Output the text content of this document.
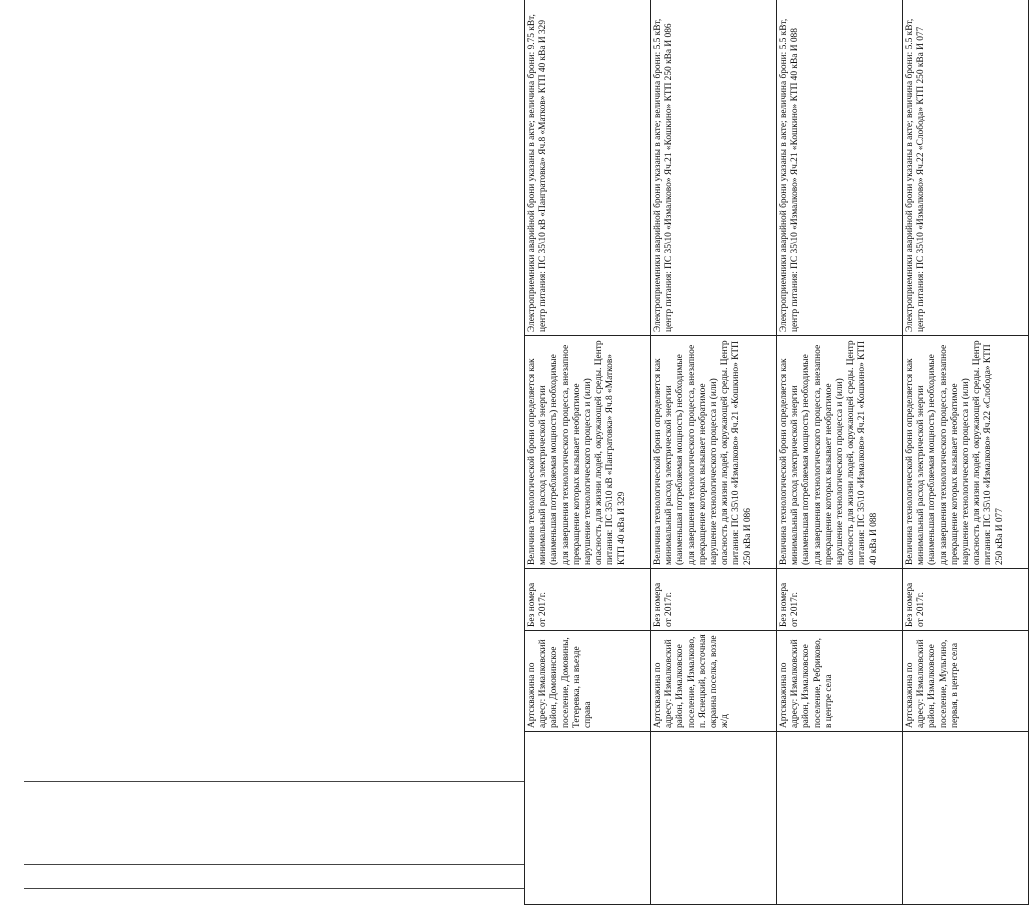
	Артскважина по адресу: Измалковский район, Домовинское поселение, Домовины, Тетеревка, на въезде справа	Без номера от 2017г.	Величина технологической брони определяется как минимальный расход электрической энергии (наименьшая потребляемая мощность) необходимые для завершения технологического процесса, внезапное прекращение которых вызывает необратимое нарушение технологического процесса и (или) опасность для жизни людей, окружающей среды. Центр питания: ПС 35\10 кВ «Пангратовка» Яч.8 «Матков» КТП 40 кВа И 329	Электроприемники аварийной брони указаны в акте; величина брони: 9.75 кВт, центр питания: ПС 35\10 кВ «Пангратовка» Яч.8 «Матков» КТП 40 кВа И 329
	Артскважина по адресу: Измалковский район, Измалковское поселение, Измалково, п. Яснецкий, восточная окраина поселка, возле ж/д	Без номера от 2017г.	Величина технологической брони определяется как минимальный расход электрической энергии (наименьшая потребляемая мощность) необходимые для завершения технологического процесса, внезапное прекращение которых вызывает необратимое нарушение технологического процесса и (или) опасность для жизни людей, окружающей среды. Центр питания: ПС 35\10 «Измалково» Яч.21 «Кошкино» КТП 250 кВа И 086	Электроприемники аварийной брони указаны в акте; величина брони: 5.5 кВт, центр питания: ПС 35\10 «Измалково» Яч.21 «Кошкино» КТП 250 кВа И 086
	Артскважина по адресу: Измалковский район, Измалковское поселение, Ребриково, в центре села	Без номера от 2017г.	Величина технологической брони определяется как минимальный расход электрической энергии (наименьшая потребляемая мощность) необходимые для завершения технологического процесса, внезапное прекращение которых вызывает необратимое нарушение технологического процесса и (или) опасность для жизни людей, окружающей среды. Центр питания: ПС 35\10 «Измалково» Яч.21 «Кошкино» КТП 40 кВа И 088	Электроприемники аварийной брони указаны в акте; величина брони: 5.5 кВт, центр питания: ПС 35\10 «Измалково» Яч.21 «Кошкино» КТП 40 кВа И 088
	Артскважина по адресу: Измалковский район, Измалковское поселение, Мульгино, первая, в центре села	Без номера от 2017г.	Величина технологической брони определяется как минимальный расход электрической энергии (наименьшая потребляемая мощность) необходимые для завершения технологического процесса, внезапное прекращение которых вызывает необратимое нарушение технологического процесса и (или) опасность для жизни людей, окружающей среды. Центр питания: ПС 35\10 «Измалково» Яч.22 «Слобода» КТП 250 кВа И 077	Электроприемники аварийной брони указаны в акте; величина брони: 5.5 кВт, центр питания: ПС 35\10 «Измалково» Яч.22 «Слобода» КТП 250 кВа И 077
